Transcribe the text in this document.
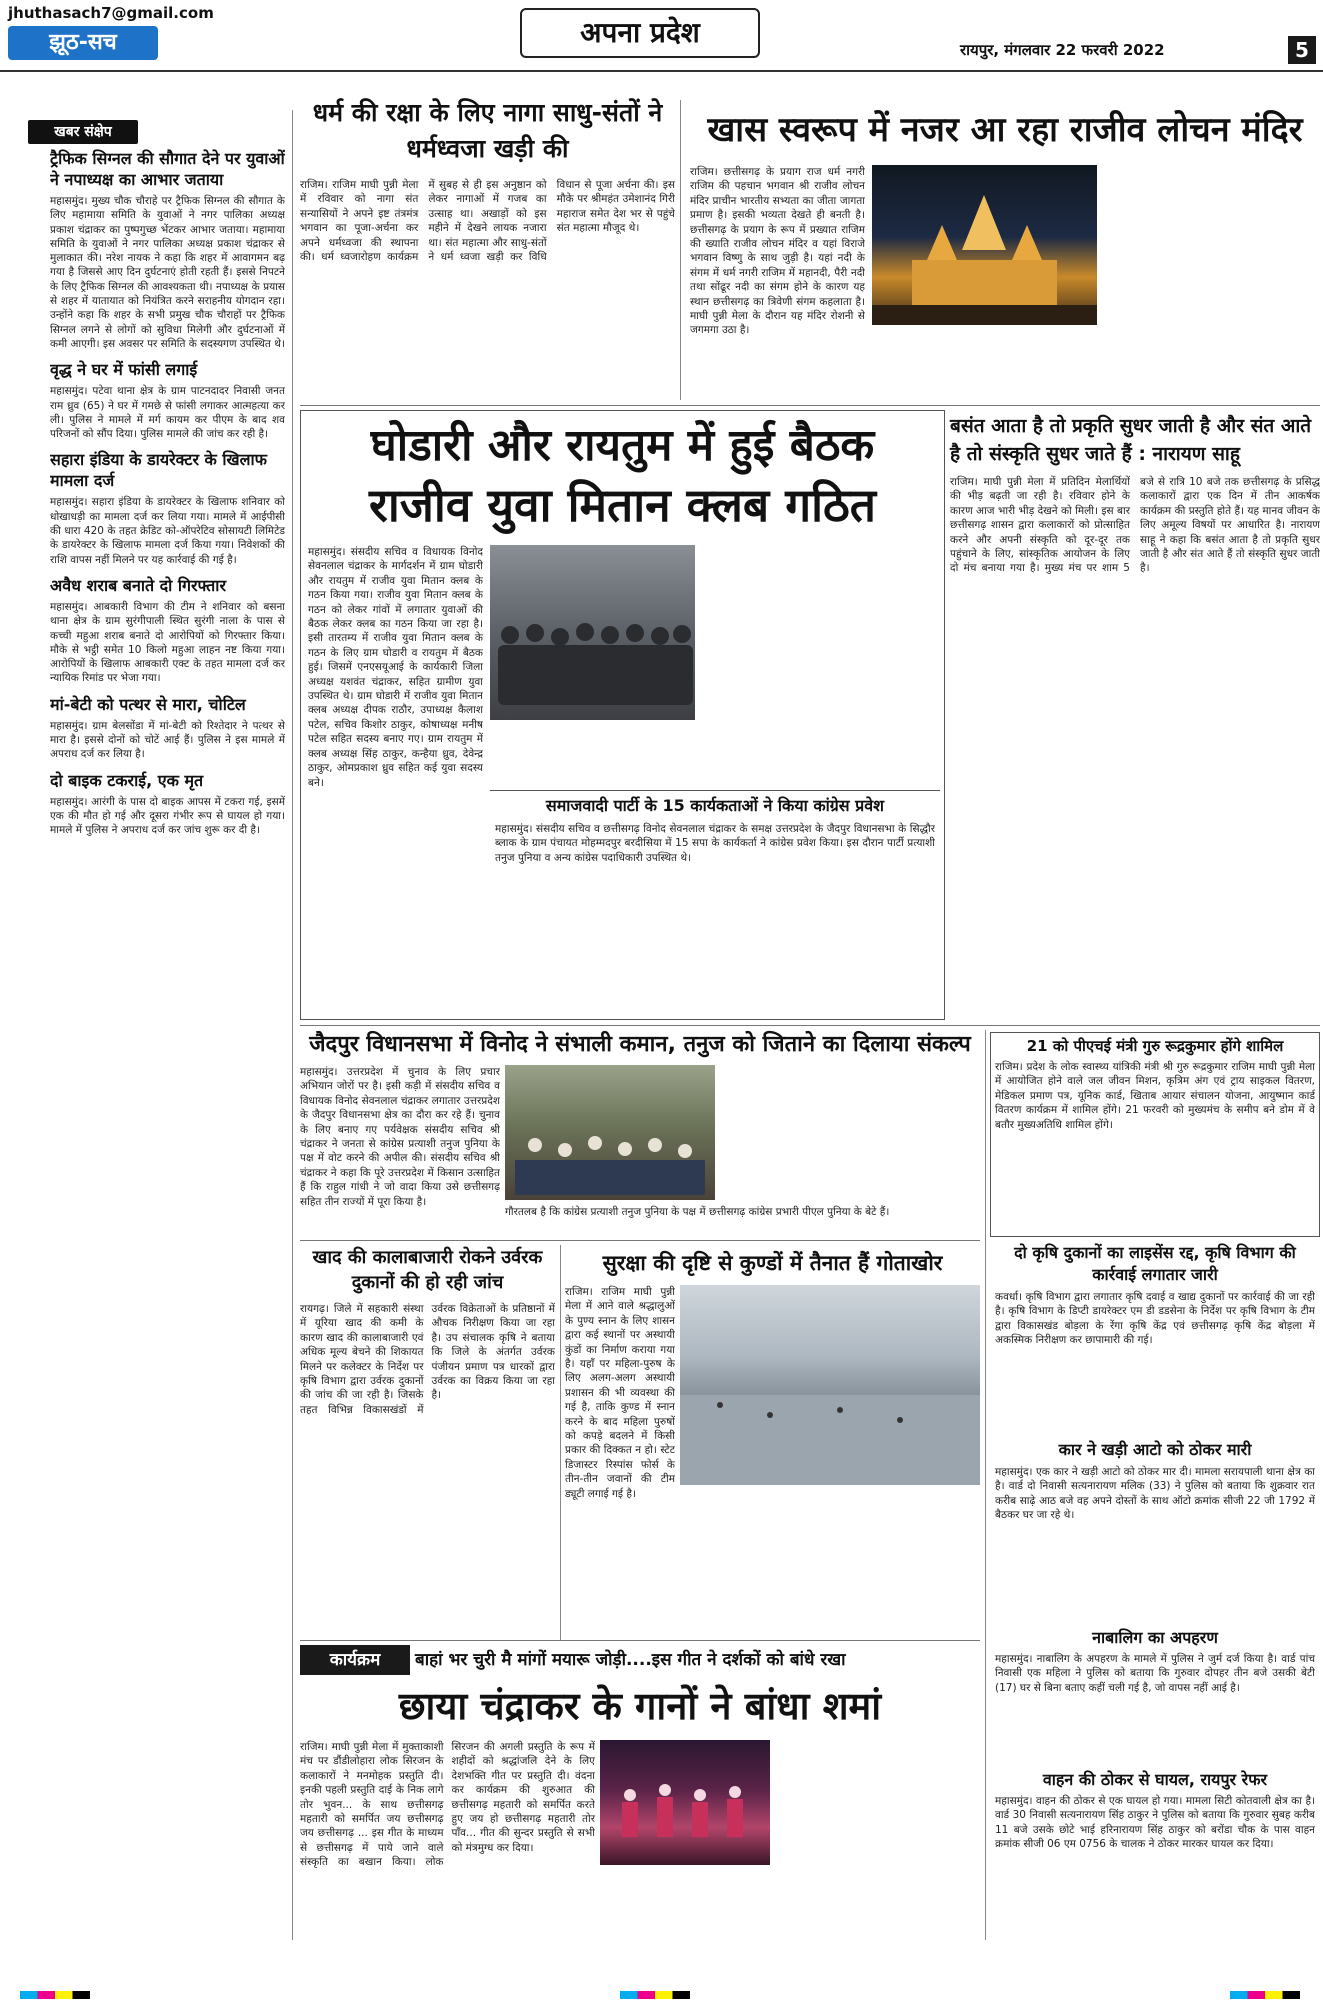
jhuthasach7@gmail.com
झूठ-सच	अपना प्रदेश
रायपुर, मंगलवार 22 फरवरी 2022	5
खबर संक्षेप
ट्रैफिक सिग्नल की सौगात देने पर युवाओं ने नपाध्यक्ष का आभार जताया
महासमुंद। मुख्य चौक चौराहे पर ट्रैफिक सिग्नल की सौगात के लिए महामाया समिति के युवाओं ने नगर पालिका अध्यक्ष प्रकाश चंद्राकर का पुष्पगुच्छ भेंटकर आभार जताया। महामाया समिति के युवाओं ने नगर पालिका अध्यक्ष प्रकाश चंद्राकर से मुलाकात की। नरेश नायक ने कहा कि शहर में आवागमन बढ़ गया है जिससे आए दिन दुर्घटनाएं होती रहती हैं। इससे निपटने के लिए ट्रैफिक सिग्नल की आवश्यकता थी। नपाध्यक्ष के प्रयास से शहर में यातायात को नियंत्रित करने सराहनीय योगदान रहा। उन्होंने कहा कि शहर के सभी प्रमुख चौक चौराहों पर ट्रैफिक सिग्नल लगने से लोगों को सुविधा मिलेगी और दुर्घटनाओं में कमी आएगी। इस अवसर पर समिति के सदस्यगण उपस्थित थे।
वृद्ध ने घर में फांसी लगाई
महासमुंद। पटेवा थाना क्षेत्र के ग्राम पाटनदादर निवासी जनत राम ध्रुव (65) ने घर में गमछे से फांसी लगाकर आत्महत्या कर ली। पुलिस ने मामले में मर्ग कायम कर पीएम के बाद शव परिजनों को सौंप दिया। पुलिस मामले की जांच कर रही है।
सहारा इंडिया के डायरेक्टर के खिलाफ मामला दर्ज
महासमुंद। सहारा इंडिया के डायरेक्टर के खिलाफ शनिवार को धोखाधड़ी का मामला दर्ज कर लिया गया। मामले में आईपीसी की धारा 420 के तहत क्रेडिट को-ऑपरेटिव सोसायटी लिमिटेड के डायरेक्टर के खिलाफ मामला दर्ज किया गया। निवेशकों की राशि वापस नहीं मिलने पर यह कार्रवाई की गई है।
अवैध शराब बनाते दो गिरफ्तार
महासमुंद। आबकारी विभाग की टीम ने शनिवार को बसना थाना क्षेत्र के ग्राम सुरंगीपाली स्थित सुरंगी नाला के पास से कच्ची महुआ शराब बनाते दो आरोपियों को गिरफ्तार किया। मौके से भट्ठी समेत 10 किलो महुआ लाहन नष्ट किया गया। आरोपियों के खिलाफ आबकारी एक्ट के तहत मामला दर्ज कर न्यायिक रिमांड पर भेजा गया।
मां-बेटी को पत्थर से मारा, चोटिल
महासमुंद। ग्राम बेलसोंडा में मां-बेटी को रिश्तेदार ने पत्थर से मारा है। इससे दोनों को चोटें आई हैं। पुलिस ने इस मामले में अपराध दर्ज कर लिया है।
दो बाइक टकराई, एक मृत
महासमुंद। आरंगी के पास दो बाइक आपस में टकरा गई, इसमें एक की मौत हो गई और दूसरा गंभीर रूप से घायल हो गया। मामले में पुलिस ने अपराध दर्ज कर जांच शुरू कर दी है।
धर्म की रक्षा के लिए नागा साधु-संतों ने धर्मध्वजा खड़ी की
राजिम। राजिम माघी पुन्नी मेला में रविवार को नागा संत सन्यासियों ने अपने इष्ट तंत्रमंत्र भगवान का पूजा-अर्चना कर अपने धर्मध्वजा की स्थापना की। धर्म ध्वजारोहण कार्यक्रम में सुबह से ही इस अनुष्ठान को लेकर नागाओं में गजब का उत्साह था। अखाड़ों को इस महीने में देखने लायक नजारा था। संत महात्मा और साधु-संतों ने धर्म ध्वजा खड़ी कर विधि विधान से पूजा अर्चना की। इस मौके पर श्रीमहंत उमेशानंद गिरी महाराज समेत देश भर से पहुंचे संत महात्मा मौजूद थे।
खास स्वरूप में नजर आ रहा राजीव लोचन मंदिर
राजिम। छत्तीसगढ़ के प्रयाग राज धर्म नगरी राजिम की पहचान भगवान श्री राजीव लोचन मंदिर प्राचीन भारतीय सभ्यता का जीता जागता प्रमाण है। इसकी भव्यता देखते ही बनती है। छत्तीसगढ़ के प्रयाग के रूप में प्रख्यात राजिम की ख्याति राजीव लोचन मंदिर व यहां विराजे भगवान विष्णु के साथ जुड़ी है। यहां नदी के संगम में धर्म नगरी राजिम में महानदी, पैरी नदी तथा सोंढूर नदी का संगम होने के कारण यह स्थान छत्तीसगढ़ का त्रिवेणी संगम कहलाता है। माघी पुन्नी मेला के दौरान यह मंदिर रोशनी से जगमगा उठा है।
घोडारी और रायतुम में हुई बैठक
राजीव युवा मितान क्लब गठित
महासमुंद। संसदीय सचिव व विधायक विनोद सेवनलाल चंद्राकर के मार्गदर्शन में ग्राम घोडारी और रायतुम में राजीव युवा मितान क्लब के गठन किया गया। राजीव युवा मितान क्लब के गठन को लेकर गांवों में लगातार युवाओं की बैठक लेकर क्लब का गठन किया जा रहा है। इसी तारतम्य में राजीव युवा मितान क्लब के गठन के लिए ग्राम घोडारी व रायतुम में बैठक हुई। जिसमें एनएसयूआई के कार्यकारी जिला अध्यक्ष यशवंत चंद्राकर, सहित ग्रामीण युवा उपस्थित थे। ग्राम घोडारी में राजीव युवा मितान क्लब अध्यक्ष दीपक राठौर, उपाध्यक्ष कैलाश पटेल, सचिव किशोर ठाकुर, कोषाध्यक्ष मनीष पटेल सहित सदस्य बनाए गए। ग्राम रायतुम में क्लब अध्यक्ष सिंह ठाकुर, कन्हैया ध्रुव, देवेन्द्र ठाकुर, ओमप्रकाश ध्रुव सहित कई युवा सदस्य बने।
समाजवादी पार्टी के 15 कार्यकताओं ने किया कांग्रेस प्रवेश
महासमुंद। संसदीय सचिव व छत्तीसगढ़ विनोद सेवनलाल चंद्राकर के समक्ष उत्तरप्रदेश के जैदपुर विधानसभा के सिद्धौर ब्लाक के ग्राम पंचायत मोहम्मदपुर बरदीसिया में 15 सपा के कार्यकर्ता ने कांग्रेस प्रवेश किया। इस दौरान पार्टी प्रत्याशी तनुज पुनिया व अन्य कांग्रेस पदाधिकारी उपस्थित थे।
बसंत आता है तो प्रकृति सुधर जाती है और संत आते है तो संस्कृति सुधर जाते हैं : नारायण साहू
राजिम। माघी पुन्नी मेला में प्रतिदिन मेलार्थियों की भीड़ बढ़ती जा रही है। रविवार होने के कारण आज भारी भीड़ देखने को मिली। इस बार छत्तीसगढ़ शासन द्वारा कलाकारों को प्रोत्साहित करने और अपनी संस्कृति को दूर-दूर तक पहुंचाने के लिए, सांस्कृतिक आयोजन के लिए दो मंच बनाया गया है। मुख्य मंच पर शाम 5 बजे से रात्रि 10 बजे तक छत्तीसगढ़ के प्रसिद्ध कलाकारों द्वारा एक दिन में तीन आकर्षक कार्यक्रम की प्रस्तुति होते हैं। यह मानव जीवन के लिए अमूल्य विषयों पर आधारित है। नारायण साहू ने कहा कि बसंत आता है तो प्रकृति सुधर जाती है और संत आते हैं तो संस्कृति सुधर जाती है।
जैदपुर विधानसभा में विनोद ने संभाली कमान, तनुज को जिताने का दिलाया संकल्प
महासमुंद। उत्तरप्रदेश में चुनाव के लिए प्रचार अभियान जोरों पर है। इसी कड़ी में संसदीय सचिव व विधायक विनोद सेवनलाल चंद्राकर लगातार उत्तरप्रदेश के जैदपुर विधानसभा क्षेत्र का दौरा कर रहे हैं। चुनाव के लिए बनाए गए पर्यवेक्षक संसदीय सचिव श्री चंद्राकर ने जनता से कांग्रेस प्रत्याशी तनुज पुनिया के पक्ष में वोट करने की अपील की। संसदीय सचिव श्री चंद्राकर ने कहा कि पूरे उत्तरप्रदेश में किसान उत्साहित हैं कि राहुल गांधी ने जो वादा किया उसे छत्तीसगढ़ सहित तीन राज्यों में पूरा किया है।
गौरतलब है कि कांग्रेस प्रत्याशी तनुज पुनिया के पक्ष में छत्तीसगढ़ कांग्रेस प्रभारी पीएल पुनिया के बेटे हैं।
खाद की कालाबाजारी रोकने उर्वरक दुकानों की हो रही जांच
रायगढ़। जिले में सहकारी संस्था में यूरिया खाद की कमी के कारण खाद की कालाबाजारी एवं अधिक मूल्य बेचने की शिकायत मिलने पर कलेक्टर के निर्देश पर कृषि विभाग द्वारा उर्वरक दुकानों की जांच की जा रही है। जिसके तहत विभिन्न विकासखंडों में उर्वरक विक्रेताओं के प्रतिष्ठानों में औचक निरीक्षण किया जा रहा है। उप संचालक कृषि ने बताया कि जिले के अंतर्गत उर्वरक पंजीयन प्रमाण पत्र धारकों द्वारा उर्वरक का विक्रय किया जा रहा है।
सुरक्षा की दृष्टि से कुण्डों में तैनात हैं गोताखोर
राजिम। राजिम माघी पुन्नी मेला में आने वाले श्रद्धालुओं के पुण्य स्नान के लिए शासन द्वारा कई स्थानों पर अस्थायी कुंडों का निर्माण कराया गया है। यहाँ पर महिला-पुरुष के लिए अलग-अलग अस्थायी प्रशासन की भी व्यवस्था की गई है, ताकि कुण्ड में स्नान करने के बाद महिला पुरुषों को कपड़े बदलने में किसी प्रकार की दिक्कत न हो। स्टेट डिजास्टर रिस्पांस फोर्स के तीन-तीन जवानों की टीम ड्यूटी लगाई गई है।
21 को पीएचई मंत्री गुरु रूद्रकुमार होंगे शामिल
राजिम। प्रदेश के लोक स्वास्थ्य यांत्रिकी मंत्री श्री गुरु रूद्रकुमार राजिम माघी पुन्नी मेला में आयोजित होने वाले जल जीवन मिशन, कृत्रिम अंग एवं ट्राय साइकल वितरण, मेडिकल प्रमाण पत्र, यूनिक कार्ड, खिताब आयार संचालन योजना, आयुष्मान कार्ड वितरण कार्यक्रम में शामिल होंगे। 21 फरवरी को मुख्यमंच के समीप बने डोम में वे बतौर मुख्यअतिथि शामिल होंगे।
दो कृषि दुकानों का लाइसेंस रद्द, कृषि विभाग की कार्रवाई लगातार जारी
कवर्धा। कृषि विभाग द्वारा लगातार कृषि दवाई व खाद्य दुकानों पर कार्रवाई की जा रही है। कृषि विभाग के डिप्टी डायरेक्टर एम डी डडसेना के निर्देश पर कृषि विभाग के टीम द्वारा विकासखंड बोड़ला के रेंगा कृषि केंद्र एवं छत्तीसगढ़ कृषि केंद्र बोड़ला में अकस्मिक निरीक्षण कर छापामारी की गई।
कार ने खड़ी आटो को ठोकर मारी
महासमुंद। एक कार ने खड़ी आटो को ठोकर मार दी। मामला सरायपाली थाना क्षेत्र का है। वार्ड दो निवासी सत्यनारायण मलिक (33) ने पुलिस को बताया कि शुक्रवार रात करीब साढ़े आठ बजे वह अपने दोस्तों के साथ ऑटो क्रमांक सीजी 22 जी 1792 में बैठकर घर जा रहे थे।
नाबालिग का अपहरण
महासमुंद। नाबालिग के अपहरण के मामले में पुलिस ने जुर्म दर्ज किया है। वार्ड पांच निवासी एक महिला ने पुलिस को बताया कि गुरुवार दोपहर तीन बजे उसकी बेटी (17) घर से बिना बताए कहीं चली गई है, जो वापस नहीं आई है।
वाहन की ठोकर से घायल, रायपुर रेफर
महासमुंद। वाहन की ठोकर से एक घायल हो गया। मामला सिटी कोतवाली क्षेत्र का है। वार्ड 30 निवासी सत्यनारायण सिंह ठाकुर ने पुलिस को बताया कि गुरुवार सुबह करीब 11 बजे उसके छोटे भाई हरिनारायण सिंह ठाकुर को बरोंडा चौक के पास वाहन क्रमांक सीजी 06 एम 0756 के चालक ने ठोकर मारकर घायल कर दिया।
कार्यक्रम	बाहां भर चुरी मै मांगों मयारू जोड़ी....इस गीत ने दर्शकों को बांधे रखा
छाया चंद्राकर के गानों ने बांधा शमां
राजिम। माघी पुन्नी मेला में मुक्ताकाशी मंच पर डौंडीलोहारा लोक सिरजन के कलाकारों ने मनमोहक प्रस्तुति दी। इनकी पहली प्रस्तुति दाई के निक लागे तोर भुवन... के साथ छत्तीसगढ़ महतारी को समर्पित जय छत्तीसगढ़ जय छत्तीसगढ़ ... इस गीत के माध्यम से छत्तीसगढ़ में पाये जाने वाले संस्कृति का बखान किया। लोक सिरजन की अगली प्रस्तुति के रूप में शहीदों को श्रद्धांजलि देने के लिए देशभक्ति गीत पर प्रस्तुति दी। वंदना कर कार्यक्रम की शुरुआत की छत्तीसगढ़ महतारी को समर्पित करते हुए जय हो छत्तीसगढ़ महतारी तोर पाँव... गीत की सुन्दर प्रस्तुति से सभी को मंत्रमुग्ध कर दिया।
